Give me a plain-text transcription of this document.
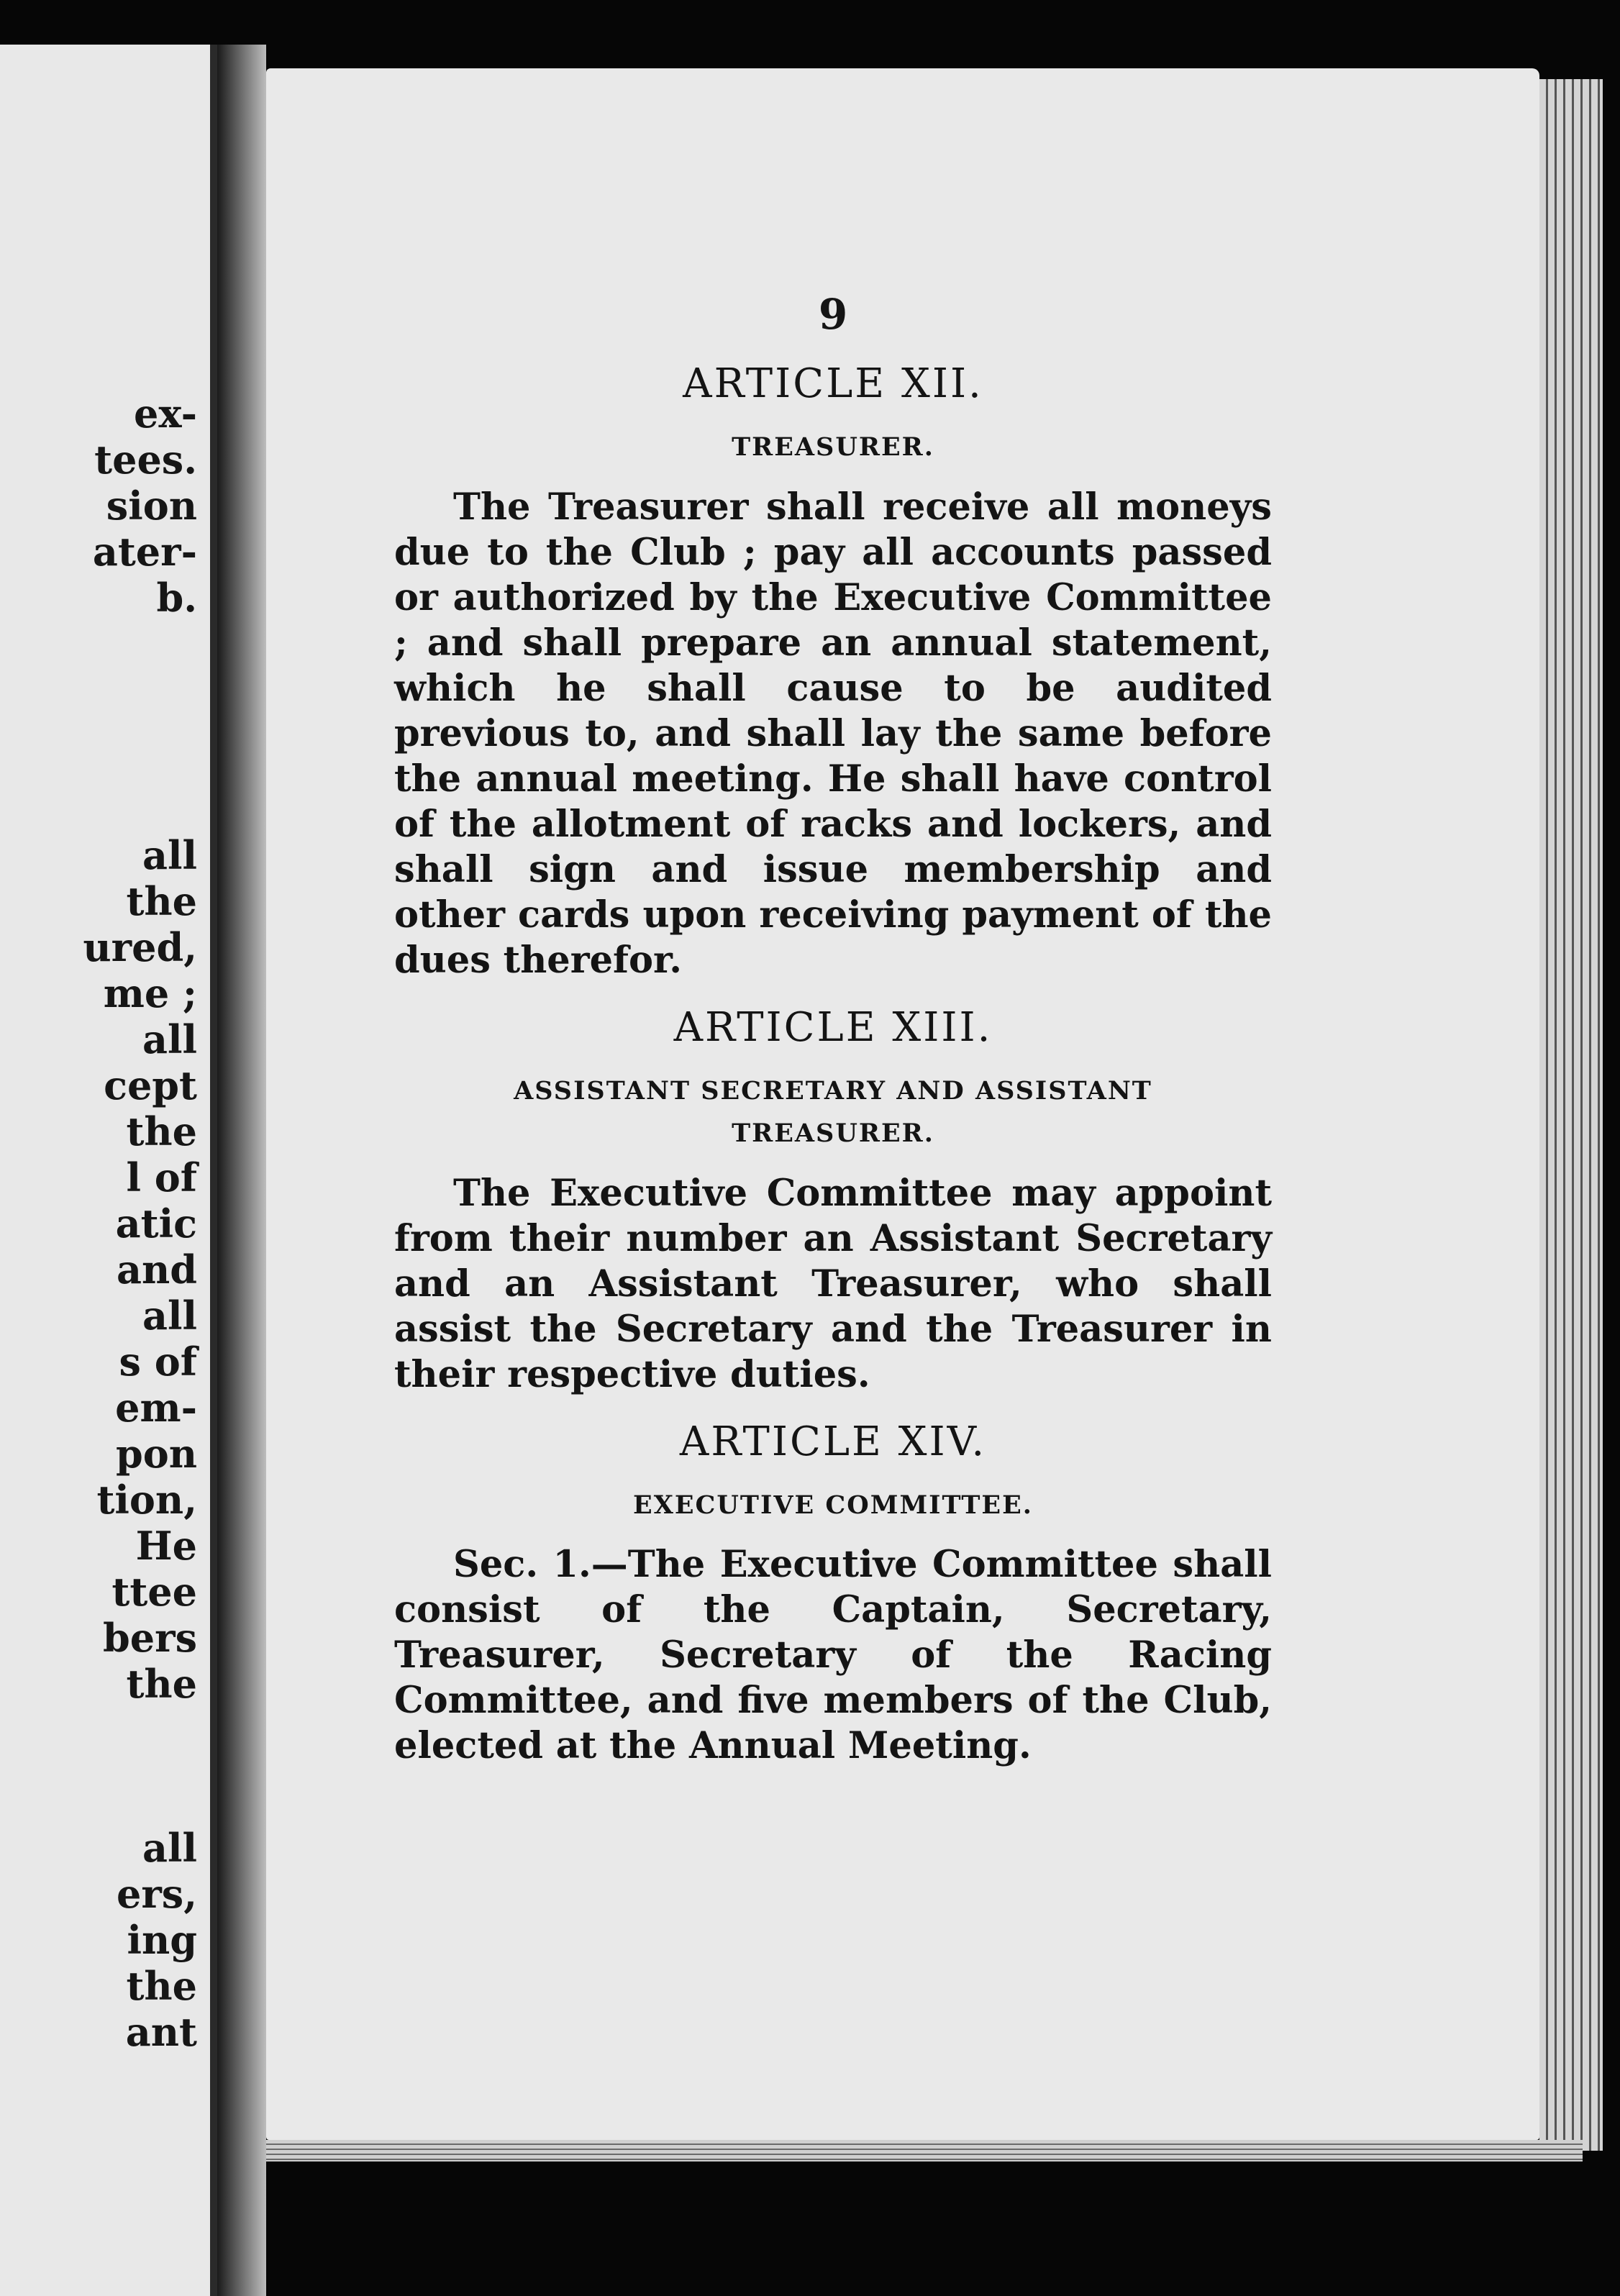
ex-

tees.

sion

ater-

b.

all

the

ured,

me ;

all

cept

the

l of

atic

and

all

s of

em-

pon

tion,

He

ttee

bers

the

all

ers,

ing

the

ant

9

ARTICLE XII.
TREASURER.

The Treasurer shall receive all moneys due to the Club ; pay all accounts passed or authorized by the Executive Committee ; and shall prepare an annual statement, which he shall cause to be audited previous to, and shall lay the same before the annual meeting. He shall have control of the allotment of racks and lockers, and shall sign and issue membership and other cards upon receiving payment of the dues therefor.

ARTICLE XIII.
ASSISTANT SECRETARY AND ASSISTANT
TREASURER.

The Executive Committee may appoint from their number an Assistant Secretary and an Assistant Treasurer, who shall assist the Secretary and the Treasurer in their respective duties.

ARTICLE XIV.
EXECUTIVE COMMITTEE.

Sec. 1.—The Executive Committee shall consist of the Captain, Secretary, Treasurer, Secretary of the Racing Committee, and five members of the Club, elected at the Annual Meeting.
